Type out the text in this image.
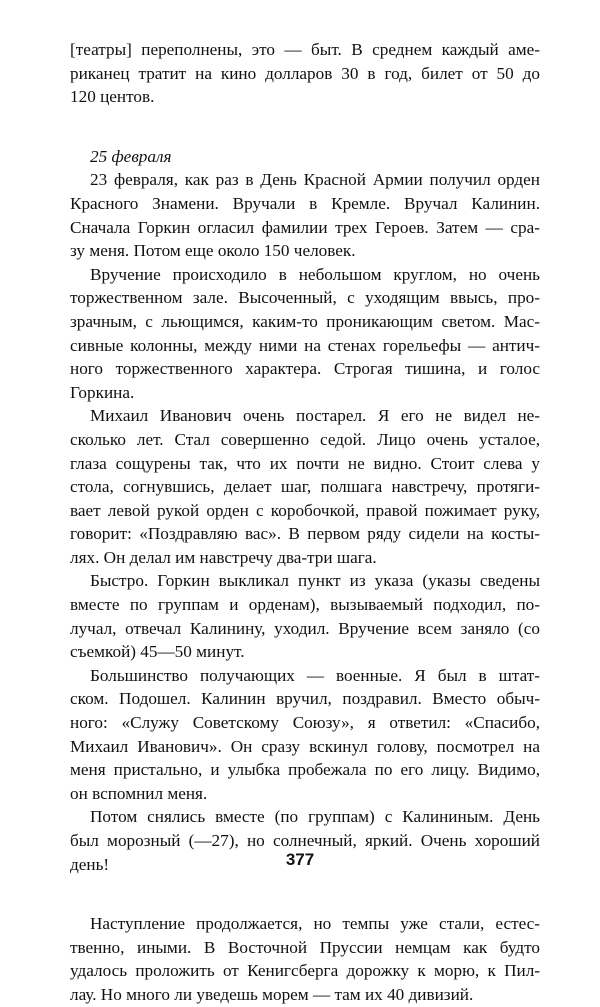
[театры] переполнены, это — быт. В среднем каждый аме-
риканец тратит на кино долларов 30 в год, билет от 50 до
120 центов.
25 февраля
23 февраля, как раз в День Красной Армии получил орден
Красного Знамени. Вручали в Кремле. Вручал Калинин.
Сначала Горкин огласил фамилии трех Героев. Затем — сра-
зу меня. Потом еще около 150 человек.
Вручение происходило в небольшом круглом, но очень
торжественном зале. Высоченный, с уходящим ввысь, про-
зрачным, с льющимся, каким-то проникающим светом. Мас-
сивные колонны, между ними на стенах горельефы — антич-
ного торжественного характера. Строгая тишина, и голос
Горкина.
Михаил Иванович очень постарел. Я его не видел не-
сколько лет. Стал совершенно седой. Лицо очень усталое,
глаза сощурены так, что их почти не видно. Стоит слева у
стола, согнувшись, делает шаг, полшага навстречу, протяги-
вает левой рукой орден с коробочкой, правой пожимает руку,
говорит: «Поздравляю вас». В первом ряду сидели на косты-
лях. Он делал им навстречу два-три шага.
Быстро. Горкин выкликал пункт из указа (указы сведены
вместе по группам и орденам), вызываемый подходил, по-
лучал, отвечал Калинину, уходил. Вручение всем заняло (со
съемкой) 45—50 минут.
Большинство получающих — военные. Я был в штат-
ском. Подошел. Калинин вручил, поздравил. Вместо обыч-
ного: «Служу Советскому Союзу», я ответил: «Спасибо,
Михаил Иванович». Он сразу вскинул голову, посмотрел на
меня пристально, и улыбка пробежала по его лицу. Видимо,
он вспомнил меня.
Потом снялись вместе (по группам) с Калининым. День
был морозный (—27), но солнечный, яркий. Очень хороший
день!
Наступление продолжается, но темпы уже стали, естес-
твенно, иными. В Восточной Пруссии немцам как будто
удалось проложить от Кенигсберга дорожку к морю, к Пил-
лау. Но много ли уведешь морем — там их 40 дивизий.
377
